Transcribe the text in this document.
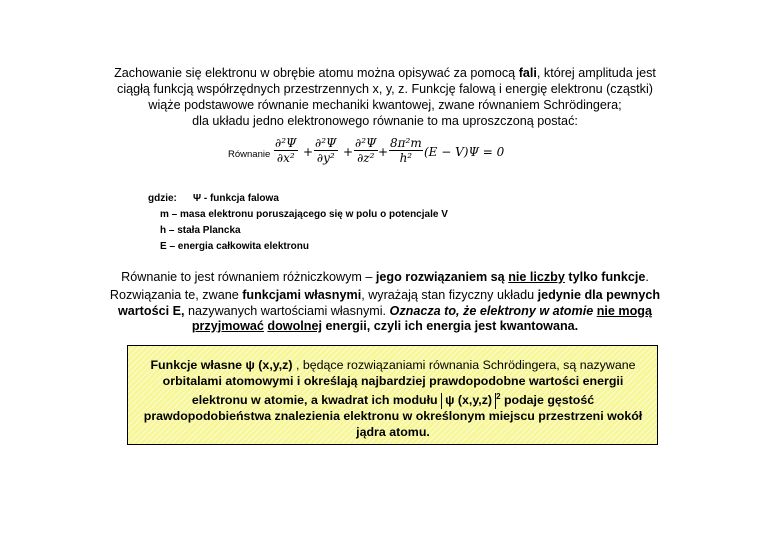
Zachowanie się elektronu w obrębie atomu można opisywać za pomocą fali, której amplituda jest
ciągłą funkcją współrzędnych przestrzennych x, y, z. Funkcję falową i energię elektronu (cząstki)
wiąże podstawowe równanie mechaniki kwantowej, zwane równaniem Schrödingera;
dla układu jedno elektronowego równanie to ma uproszczoną postać:
Równanie $\frac{\text{∂²Ψ}}{\text{∂x²}} + \frac{\text{∂²Ψ}}{\text{∂y²}} + \frac{\text{∂²Ψ}}{\text{∂z²}} + \frac{\text{8π²m}}{\text{h²}} (E - V)\Psi = 0$
gdzie: Ψ - funkcja falowa
m – masa elektronu poruszającego się w polu o potencjale V
h – stała Plancka
E – energia całkowita elektronu
Równanie to jest równaniem różniczkowym – jego rozwiązaniem są nie liczby tylko funkcje.
Rozwiązania te, zwane funkcjami własnymi, wyrażają stan fizyczny układu jedynie dla pewnych
wartości E, nazywanych wartościami własnymi. Oznacza to, że elektrony w atomie nie mogą
przyjmować dowolnej energii, czyli ich energia jest kwantowana.
Funkcje własne ψ (x,y,z) , będące rozwiązaniami równania Schrödingera, są nazywane
orbitalami atomowymi i określają najbardziej prawdopodobne wartości energii
elektronu w atomie, a kwadrat ich modułu ψ (x,y,z) $^2$ podaje gęstość
prawdopodobieństwa znalezienia elektronu w określonym miejscu przestrzeni wokół
jądra atomu.
